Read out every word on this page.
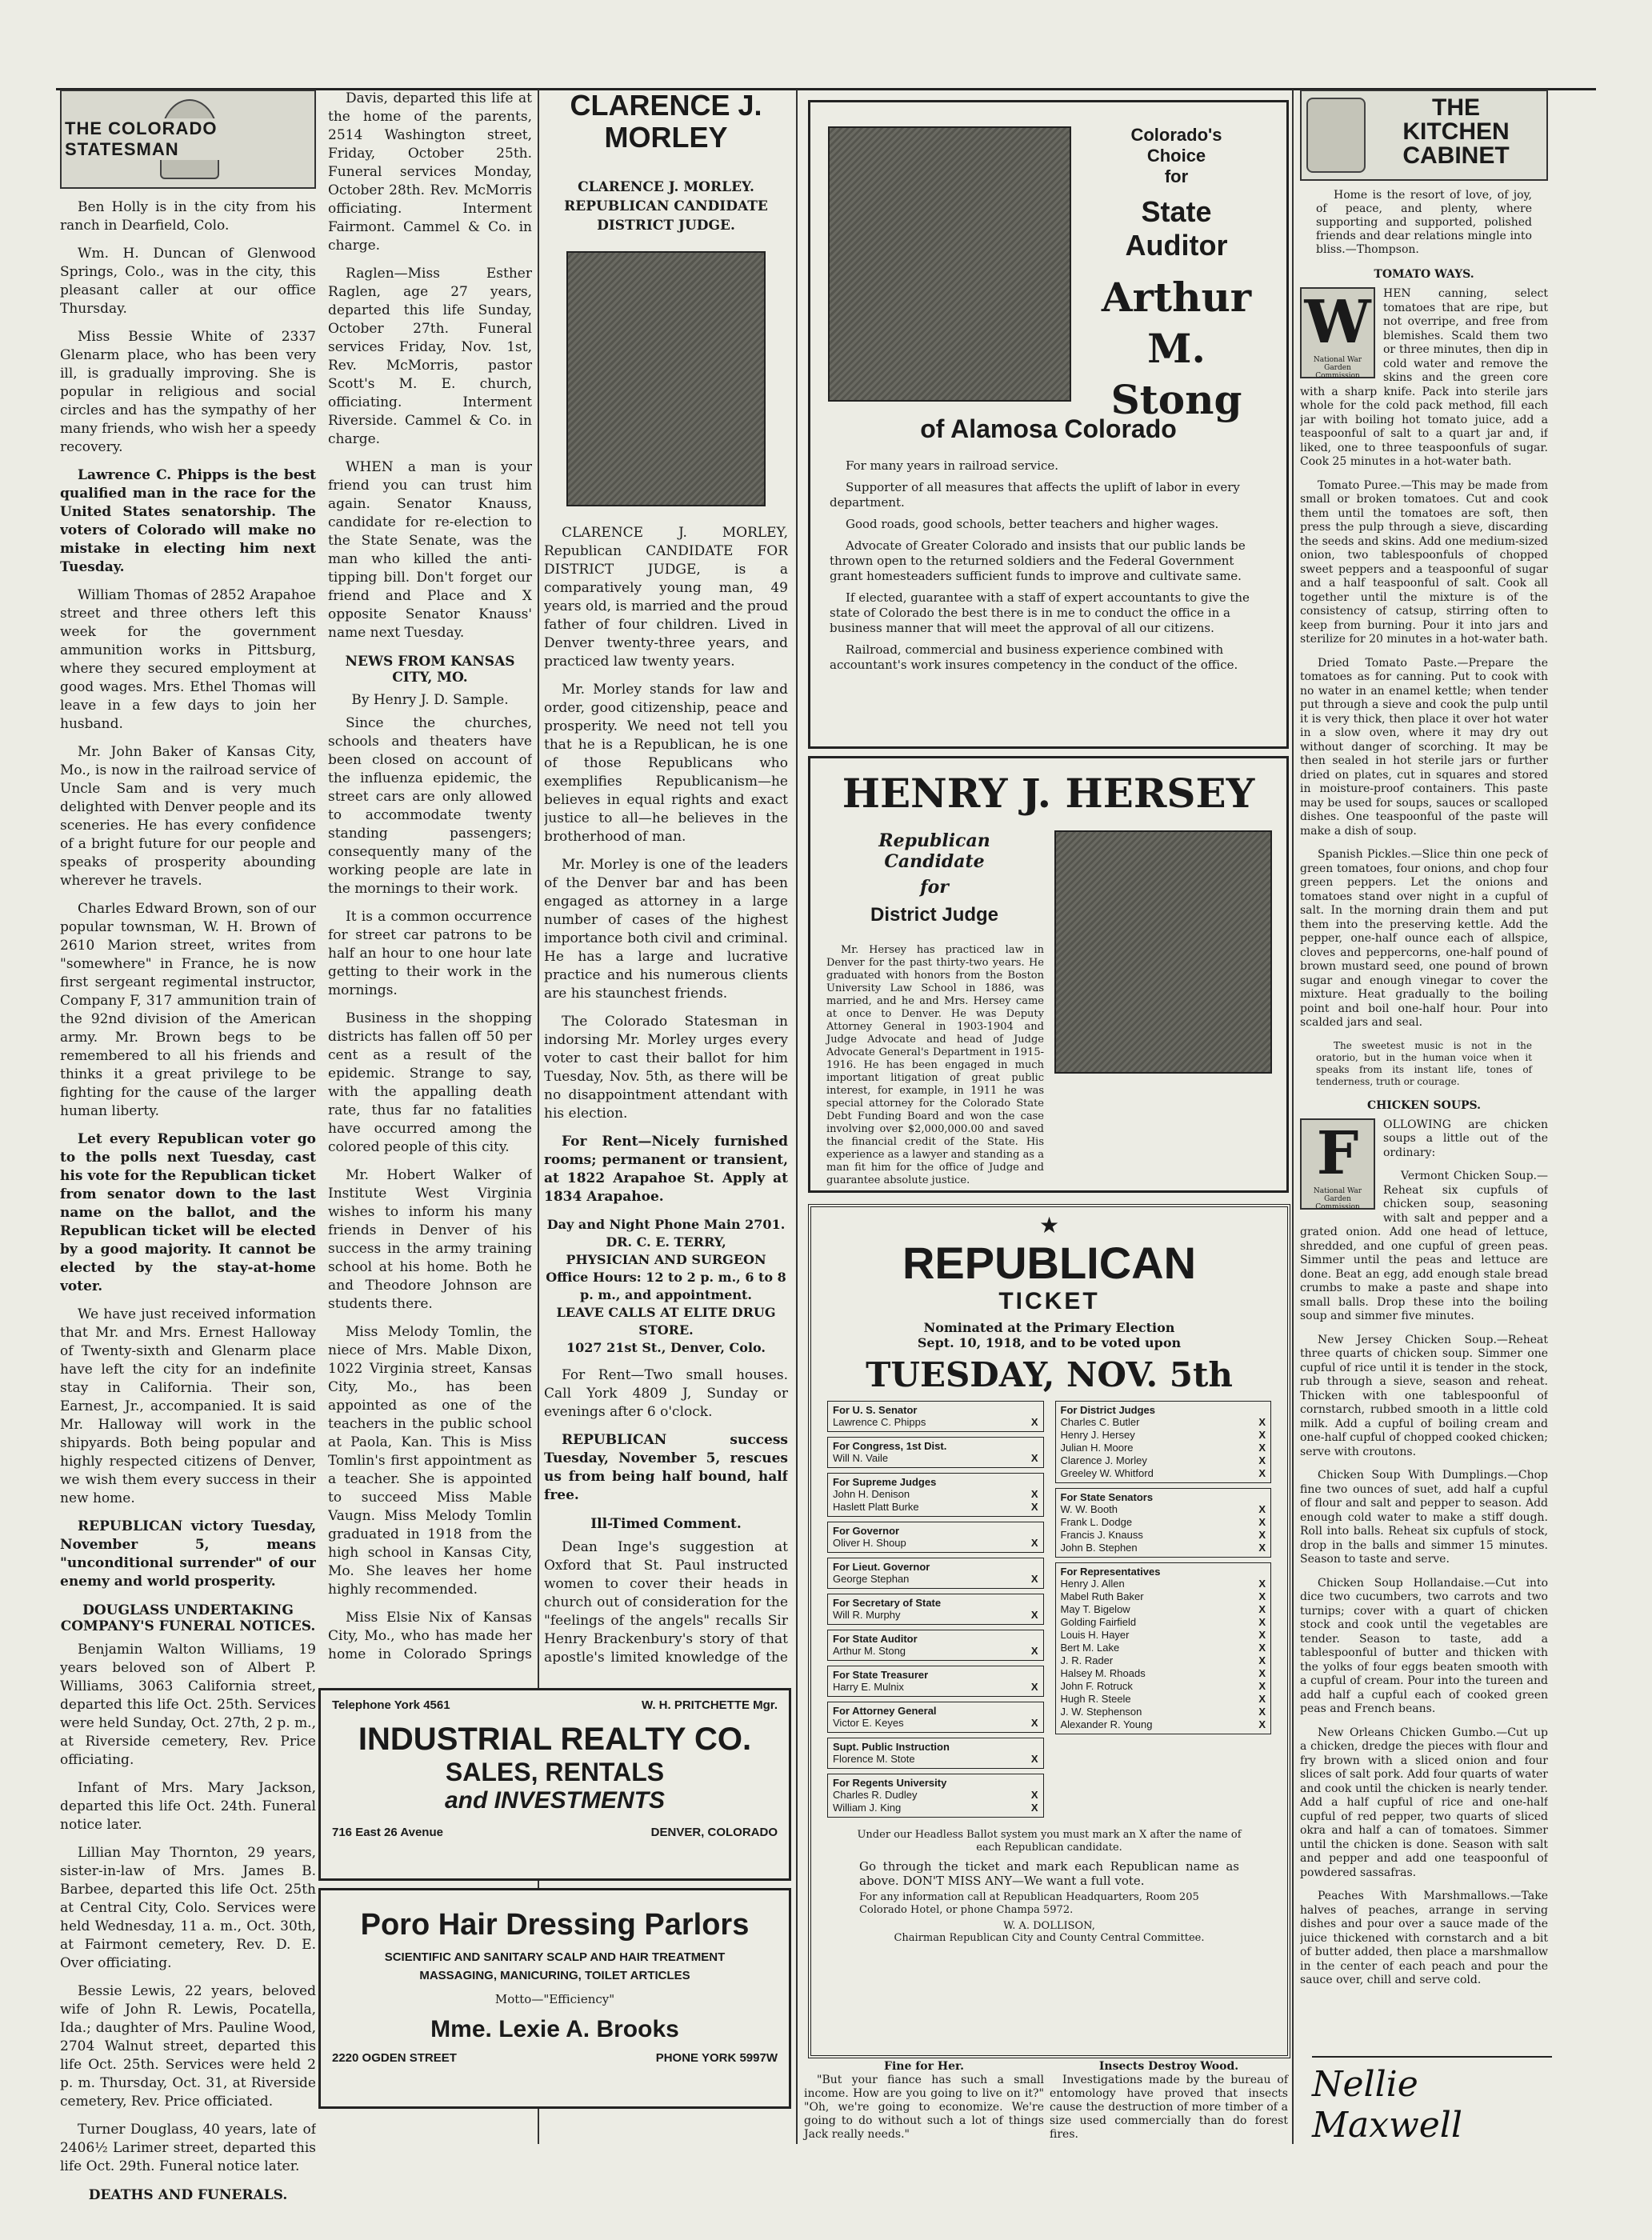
THE COLORADO STATESMAN

Ben Holly is in the city from his ranch in Dearfield, Colo.

Wm. H. Duncan of Glenwood Springs, Colo., was in the city, this pleasant caller at our office Thursday.

Miss Bessie White of 2337 Glenarm place, who has been very ill, is gradually improving. She is popular in religious and social circles and has the sympathy of her many friends, who wish her a speedy recovery.

Lawrence C. Phipps is the best qualified man in the race for the United States senatorship. The voters of Colorado will make no mistake in electing him next Tuesday.

William Thomas of 2852 Arapahoe street and three others left this week for the government ammunition works in Pittsburg, where they secured employment at good wages. Mrs. Ethel Thomas will leave in a few days to join her husband.

Mr. John Baker of Kansas City, Mo., is now in the railroad service of Uncle Sam and is very much delighted with Denver people and its sceneries. He has every confidence of a bright future for our people and speaks of prosperity abounding wherever he travels.

Charles Edward Brown, son of our popular townsman, W. H. Brown of 2610 Marion street, writes from "somewhere" in France, he is now first sergeant regimental instructor, Company F, 317 ammunition train of the 92nd division of the American army. Mr. Brown begs to be remembered to all his friends and thinks it a great privilege to be fighting for the cause of the larger human liberty.

Let every Republican voter go to the polls next Tuesday, cast his vote for the Republican ticket from senator down to the last name on the ballot, and the Republican ticket will be elected by a good majority. It cannot be elected by the stay-at-home voter.

We have just received information that Mr. and Mrs. Ernest Halloway of Twenty-sixth and Glenarm place have left the city for an indefinite stay in California. Their son, Earnest, Jr., accompanied. It is said Mr. Halloway will work in the shipyards. Both being popular and highly respected citizens of Denver, we wish them every success in their new home.

REPUBLICAN victory Tuesday, November 5, means "unconditional surrender" of our enemy and world prosperity.

DOUGLASS UNDERTAKING COMPANY'S FUNERAL NOTICES.

Benjamin Walton Williams, 19 years beloved son of Albert P. Williams, 3063 California street, departed this life Oct. 25th. Services were held Sunday, Oct. 27th, 2 p. m., at Riverside cemetery, Rev. Price officiating.

Infant of Mrs. Mary Jackson, departed this life Oct. 24th. Funeral notice later.

Lillian May Thornton, 29 years, sister-in-law of Mrs. James B. Barbee, departed this life Oct. 25th at Central City, Colo. Services were held Wednesday, 11 a. m., Oct. 30th, at Fairmont cemetery, Rev. D. E. Over officiating.

Bessie Lewis, 22 years, beloved wife of John R. Lewis, Pocatella, Ida.; daughter of Mrs. Pauline Wood, 2704 Walnut street, departed this life Oct. 25th. Services were held 2 p. m. Thursday, Oct. 31, at Riverside cemetery, Rev. Price officiated.

Turner Douglass, 40 years, late of 2406½ Larimer street, departed this life Oct. 29th. Funeral notice later.

DEATHS AND FUNERALS.

Davis, departed this life at the home of the parents, 2514 Washington street, Friday, October 25th. Funeral services Monday, October 28th. Rev. McMorris officiating. Interment Fairmont. Cammel & Co. in charge.

Raglen—Miss Esther Raglen, age 27 years, departed this life Sunday, October 27th. Funeral services Friday, Nov. 1st, Rev. McMorris, pastor Scott's M. E. church, officiating. Interment Riverside. Cammel & Co. in charge.

WHEN a man is your friend you can trust him again. Senator Knauss, candidate for re-election to the State Senate, was the man who killed the anti-tipping bill. Don't forget our friend and Place and X opposite Senator Knauss' name next Tuesday.

NEWS FROM KANSAS CITY, MO.
By Henry J. D. Sample.

Since the churches, schools and theaters have been closed on account of the influenza epidemic, the street cars are only allowed to accommodate twenty standing passengers; consequently many of the working people are late in the mornings to their work.

It is a common occurrence for street car patrons to be half an hour to one hour late getting to their work in the mornings.

Business in the shopping districts has fallen off 50 per cent as a result of the epidemic. Strange to say, with the appalling death rate, thus far no fatalities have occurred among the colored people of this city.

Mr. Hobert Walker of Institute West Virginia wishes to inform his many friends in Denver of his success in the army training school at his home. Both he and Theodore Johnson are students there.

Miss Melody Tomlin, the niece of Mrs. Mable Dixon, 1022 Virginia street, Kansas City, Mo., has been appointed as one of the teachers in the public school at Paola, Kan. This is Miss Tomlin's first appointment as a teacher. She is appointed to succeed Miss Mable Vaugn. Miss Melody Tomlin graduated in 1918 from the high school in Kansas City, Mo. She leaves her home highly recommended.

Miss Elsie Nix of Kansas City, Mo., who has made her home in Colorado Springs

CLARENCE J. MORLEY
CLARENCE J. MORLEY. REPUBLICAN CANDIDATE DISTRICT JUDGE.

CLARENCE J. MORLEY, Republican CANDIDATE FOR DISTRICT JUDGE, is a comparatively young man, 49 years old, is married and the proud father of four children. Lived in Denver twenty-three years, and practiced law twenty years.

Mr. Morley stands for law and order, good citizenship, peace and prosperity. We need not tell you that he is a Republican, he is one of those Republicans who exemplifies Republicanism—he believes in equal rights and exact justice to all—he believes in the brotherhood of man.

Mr. Morley is one of the leaders of the Denver bar and has been engaged as attorney in a large number of cases of the highest importance both civil and criminal. He has a large and lucrative practice and his numerous clients are his staunchest friends.

The Colorado Statesman in indorsing Mr. Morley urges every voter to cast their ballot for him Tuesday, Nov. 5th, as there will be no disappointment attendant with his election.

For Rent—Nicely furnished rooms; permanent or transient, at 1822 Arapahoe St. Apply at 1834 Arapahoe.

Day and Night Phone Main 2701.
DR. C. E. TERRY,
PHYSICIAN AND SURGEON
Office Hours: 12 to 2 p. m., 6 to 8 p. m., and appointment.
LEAVE CALLS AT ELITE DRUG STORE.
1027 21st St., Denver, Colo.

For Rent—Two small houses. Call York 4809 J, Sunday or evenings after 6 o'clock.

REPUBLICAN success Tuesday, November 5, rescues us from being half bound, half free.

Ill-Timed Comment.

Dean Inge's suggestion at Oxford that St. Paul instructed women to cover their heads in church out of consideration for the "feelings of the angels" recalls Sir Henry Brackenbury's story of that apostle's limited knowledge of the

Telephone York 4561	W. H. PRITCHETTE Mgr.
INDUSTRIAL REALTY CO.
SALES, RENTALS
and INVESTMENTS
716 East 26 Avenue	DENVER, COLORADO
Poro Hair Dressing Parlors
SCIENTIFIC AND SANITARY SCALP AND HAIR TREATMENT
MASSAGING, MANICURING, TOILET ARTICLES
Motto—"Efficiency"
Mme. Lexie A. Brooks
2220 OGDEN STREET	PHONE YORK 5997W
Colorado's
Choice
for
State
Auditor
Arthur
M.
Stong
of Alamosa Colorado

For many years in railroad service.

Supporter of all measures that affects the uplift of labor in every department.

Good roads, good schools, better teachers and higher wages.

Advocate of Greater Colorado and insists that our public lands be thrown open to the returned soldiers and the Federal Government grant homesteaders sufficient funds to improve and cultivate same.

If elected, guarantee with a staff of expert accountants to give the state of Colorado the best there is in me to conduct the office in a business manner that will meet the approval of all our citizens.

Railroad, commercial and business experience combined with accountant's work insures competency in the conduct of the office.

HENRY J. HERSEY
Republican Candidate
for
District Judge
Mr. Hersey has practiced law in Denver for the past thirty-two years. He graduated with honors from the Boston University Law School in 1886, was married, and he and Mrs. Hersey came at once to Denver. He was Deputy Attorney General in 1903-1904 and Judge Advocate and head of Judge Advocate General's Department in 1915-1916. He has been engaged in much important litigation of great public interest, for example, in 1911 he was special attorney for the Colorado State Debt Funding Board and won the case involving over $2,000,000.00 and saved the financial credit of the State. His experience as a lawyer and standing as a man fit him for the office of Judge and guarantee absolute justice.
★
REPUBLICAN
TICKET
Nominated at the Primary Election
Sept. 10, 1918, and to be voted upon
TUESDAY, NOV. 5th
For U. S. Senator
Lawrence C. Phipps	X
For Congress, 1st Dist.
Will N. Vaile	X
For Supreme Judges
John H. Denison	X
Haslett Platt Burke	X
For Governor
Oliver H. Shoup	X
For Lieut. Governor
George Stephan	X
For Secretary of State
Will R. Murphy	X
For State Auditor
Arthur M. Stong	X
For State Treasurer
Harry E. Mulnix	X
For Attorney General
Victor E. Keyes	X
Supt. Public Instruction
Florence M. Stote	X
For Regents University
Charles R. Dudley	X
William J. King	X
For District Judges
Charles C. Butler	X
Henry J. Hersey	X
Julian H. Moore	X
Clarence J. Morley	X
Greeley W. Whitford	X
For State Senators
W. W. Booth	X
Frank L. Dodge	X
Francis J. Knauss	X
John B. Stephen	X
For Representatives
Henry J. Allen	X
Mabel Ruth Baker	X
May T. Bigelow	X
Golding Fairfield	X
Louis H. Hayer	X
Bert M. Lake	X
J. R. Rader	X
Halsey M. Rhoads	X
John F. Rotruck	X
Hugh R. Steele	X
J. W. Stephenson	X
Alexander R. Young	X
Under our Headless Ballot system you must mark an X after the name of each Republican candidate.
Go through the ticket and mark each Republican name as above. DON'T MISS ANY—We want a full vote.
For any information call at Republican Headquarters, Room 205 Colorado Hotel, or phone Champa 5972.
W. A. DOLLISON,
Chairman Republican City and County Central Committee.
Fine for Her.
"But your fiance has such a small income. How are you going to live on it?" "Oh, we're going to economize. We're going to do without such a lot of things Jack really needs."
Insects Destroy Wood.
Investigations made by the bureau of entomology have proved that insects cause the destruction of more timber of a size used commercially than do forest fires.
THE
KITCHEN
CABINET

Home is the resort of love, of joy, of peace, and plenty, where supporting and supported, polished friends and dear relations mingle into bliss.—Thompson.

TOMATO WAYS.
W
National War Garden Commission

HEN canning, select tomatoes that are ripe, but not overripe, and free from blemishes. Scald them two or three minutes, then dip in cold water and remove the skins and the green core with a sharp knife. Pack into sterile jars whole for the cold pack method, fill each jar with boiling hot tomato juice, add a teaspoonful of salt to a quart jar and, if liked, one to three teaspoonfuls of sugar. Cook 25 minutes in a hot-water bath.

Tomato Puree.—This may be made from small or broken tomatoes. Cut and cook them until the tomatoes are soft, then press the pulp through a sieve, discarding the seeds and skins. Add one medium-sized onion, two tablespoonfuls of chopped sweet peppers and a teaspoonful of sugar and a half teaspoonful of salt. Cook all together until the mixture is of the consistency of catsup, stirring often to keep from burning. Pour it into jars and sterilize for 20 minutes in a hot-water bath.

Dried Tomato Paste.—Prepare the tomatoes as for canning. Put to cook with no water in an enamel kettle; when tender put through a sieve and cook the pulp until it is very thick, then place it over hot water in a slow oven, where it may dry out without danger of scorching. It may be then sealed in hot sterile jars or further dried on plates, cut in squares and stored in moisture-proof containers. This paste may be used for soups, sauces or scalloped dishes. One teaspoonful of the paste will make a dish of soup.

Spanish Pickles.—Slice thin one peck of green tomatoes, four onions, and chop four green peppers. Let the onions and tomatoes stand over night in a cupful of salt. In the morning drain them and put them into the preserving kettle. Add the pepper, one-half ounce each of allspice, cloves and peppercorns, one-half pound of brown mustard seed, one pound of brown sugar and enough vinegar to cover the mixture. Heat gradually to the boiling point and boil one-half hour. Pour into scalded jars and seal.

The sweetest music is not in the oratorio, but in the human voice when it speaks from its instant life, tones of tenderness, truth or courage.

CHICKEN SOUPS.
F
National War Garden Commission

OLLOWING are chicken soups a little out of the ordinary:

Vermont Chicken Soup.—Reheat six cupfuls of chicken soup, seasoning with salt and pepper and a grated onion. Add one head of lettuce, shredded, and one cupful of green peas. Simmer until the peas and lettuce are done. Beat an egg, add enough stale bread crumbs to make a paste and shape into small balls. Drop these into the boiling soup and simmer five minutes.

New Jersey Chicken Soup.—Reheat three quarts of chicken soup. Simmer one cupful of rice until it is tender in the stock, rub through a sieve, season and reheat. Thicken with one tablespoonful of cornstarch, rubbed smooth in a little cold milk. Add a cupful of boiling cream and one-half cupful of chopped cooked chicken; serve with croutons.

Chicken Soup With Dumplings.—Chop fine two ounces of suet, add half a cupful of flour and salt and pepper to season. Add enough cold water to make a stiff dough. Roll into balls. Reheat six cupfuls of stock, drop in the balls and simmer 15 minutes. Season to taste and serve.

Chicken Soup Hollandaise.—Cut into dice two cucumbers, two carrots and two turnips; cover with a quart of chicken stock and cook until the vegetables are tender. Season to taste, add a tablespoonful of butter and thicken with the yolks of four eggs beaten smooth with a cupful of cream. Pour into the tureen and add half a cupful each of cooked green peas and French beans.

New Orleans Chicken Gumbo.—Cut up a chicken, dredge the pieces with flour and fry brown with a sliced onion and four slices of salt pork. Add four quarts of water and cook until the chicken is nearly tender. Add a half cupful of rice and one-half cupful of red pepper, two quarts of sliced okra and half a can of tomatoes. Simmer until the chicken is done. Season with salt and pepper and add one teaspoonful of powdered sassafras.

Peaches With Marshmallows.—Take halves of peaches, arrange in serving dishes and pour over a sauce made of the juice thickened with cornstarch and a bit of butter added, then place a marshmallow in the center of each peach and pour the sauce over, chill and serve cold.

Nellie Maxwell
